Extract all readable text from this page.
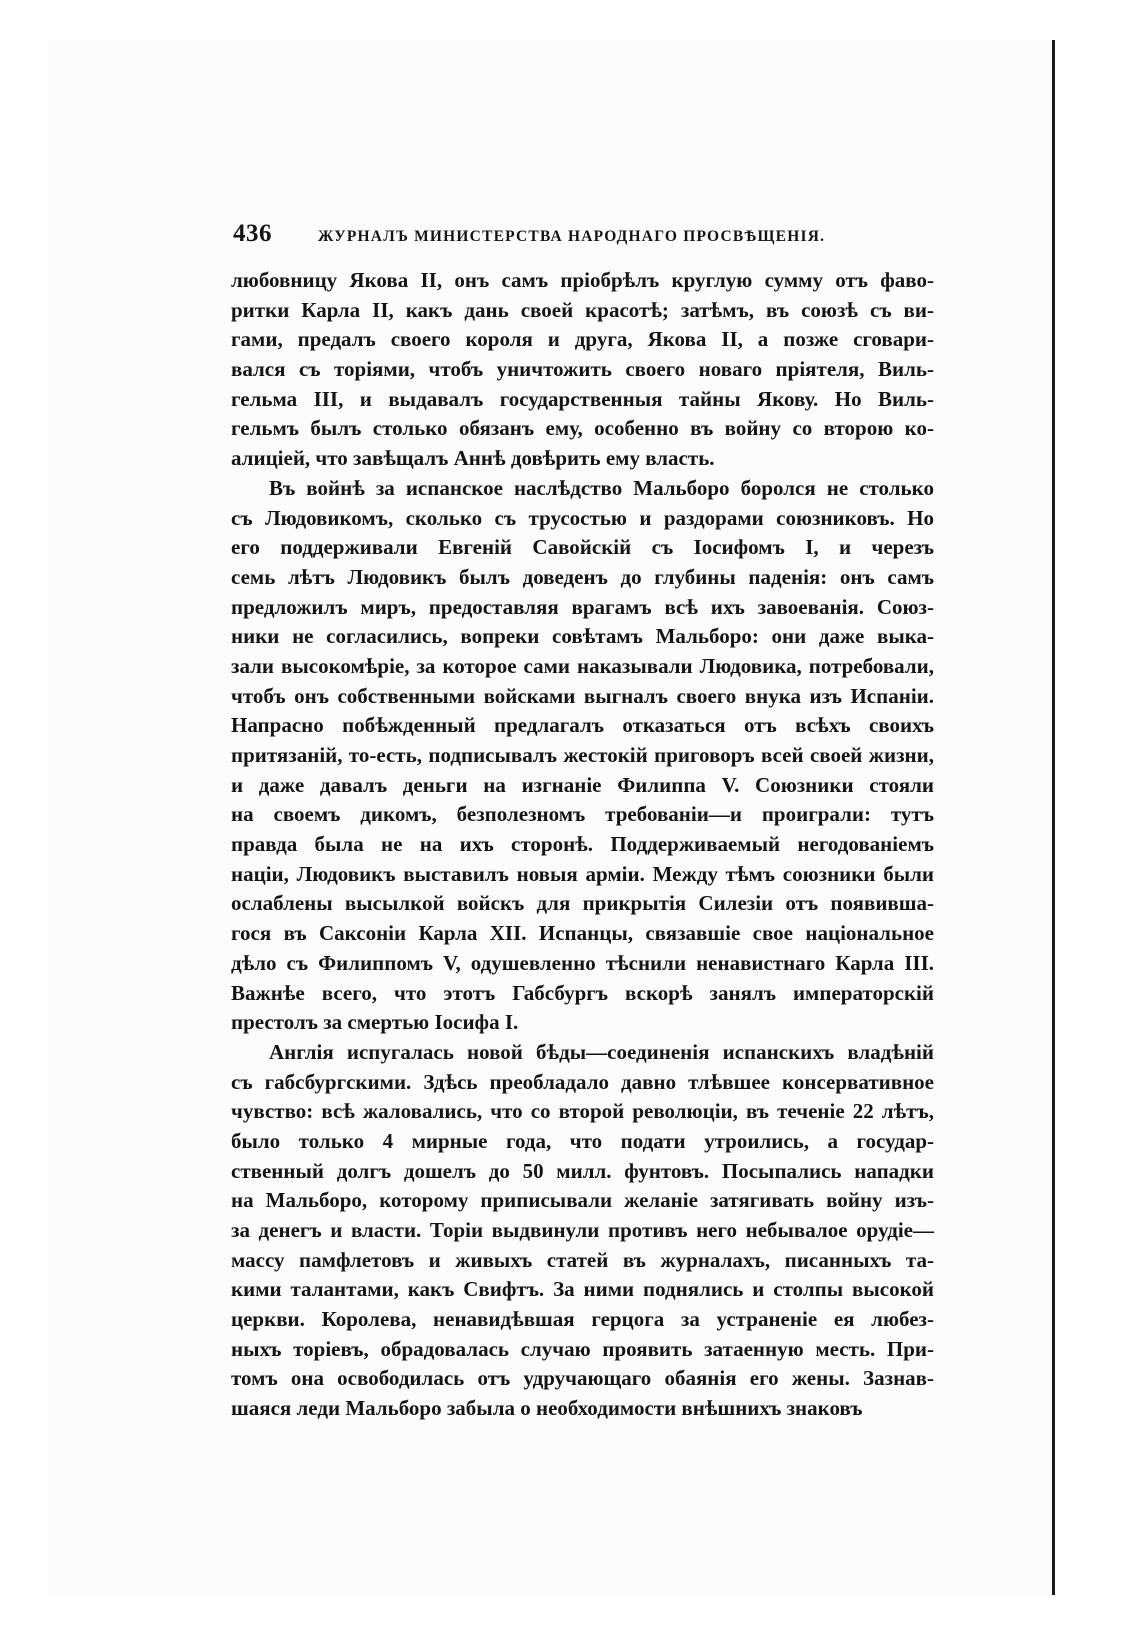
436	ЖУРНАЛЪ МИНИСТЕРСТВА НАРОДНАГО ПРОСВѢЩЕНІЯ.
любовницу Якова II, онъ самъ пріобрѣлъ круглую сумму отъ фаво-
ритки Карла II, какъ дань своей красотѣ; затѣмъ, въ союзѣ съ ви-
гами, предалъ своего короля и друга, Якова II, а позже сговари-
вался съ торіями, чтобъ уничтожить своего новаго пріятеля, Виль-
гельма III, и выдавалъ государственныя тайны Якову. Но Виль-
гельмъ былъ столько обязанъ ему, особенно въ войну со второю ко-
алицiей, что завѣщалъ Аннѣ довѣрить ему власть.
Въ войнѣ за испанское наслѣдство Мальборо боролся не столько
съ Людовикомъ, сколько съ трусостью и раздорами союзниковъ. Но
его поддерживали Евгеній Савойскій съ Іосифомъ I, и черезъ
семь лѣтъ Людовикъ былъ доведенъ до глубины паденія: онъ самъ
предложилъ миръ, предоставляя врагамъ всѣ ихъ завоеванія. Союз-
ники не согласились, вопреки совѣтамъ Мальборо: они даже выка-
зали высокомѣріе, за которое сами наказывали Людовика, потребовали,
чтобъ онъ собственными войсками выгналъ своего внука изъ Испаніи.
Напрасно побѣжденный предлагалъ отказаться отъ всѣхъ своихъ
притязаній, то-есть, подписывалъ жестокій приговоръ всей своей жизни,
и даже давалъ деньги на изгнаніе Филиппа V. Союзники стояли
на своемъ дикомъ, безполезномъ требованіи—и проиграли: тутъ
правда была не на ихъ сторонѣ. Поддерживаемый негодованіемъ
націи, Людовикъ выставилъ новыя арміи. Между тѣмъ союзники были
ослаблены высылкой войскъ для прикрытія Силезіи отъ появивша-
гося въ Саксоніи Карла XII. Испанцы, связавшіе свое національное
дѣло съ Филиппомъ V, одушевленно тѣснили ненавистнаго Карла III.
Важнѣе всего, что этотъ Габсбургъ вскорѣ занялъ императорскій
престолъ за смертью Іосифа I.
Англія испугалась новой бѣды—соединенія испанскихъ владѣній
съ габсбургскими. Здѣсь преобладало давно тлѣвшее консервативное
чувство: всѣ жаловались, что со второй революціи, въ теченіе 22 лѣтъ,
было только 4 мирные года, что подати утроились, а государ-
ственный долгъ дошелъ до 50 милл. фунтовъ. Посыпались нападки
на Мальборо, которому приписывали желаніе затягивать войну изъ-
за денегъ и власти. Торіи выдвинули противъ него небывалое орудіе—
массу памфлетовъ и живыхъ статей въ журналахъ, писанныхъ та-
кими талантами, какъ Свифтъ. За ними поднялись и столпы высокой
церкви. Королева, ненавидѣвшая герцога за устраненіе ея любез-
ныхъ торіевъ, обрадовалась случаю проявить затаенную месть. При-
томъ она освободилась отъ удручающаго обаянія его жены. Зазнав-
шаяся леди Мальборо забыла о необходимости внѣшнихъ знаковъ
